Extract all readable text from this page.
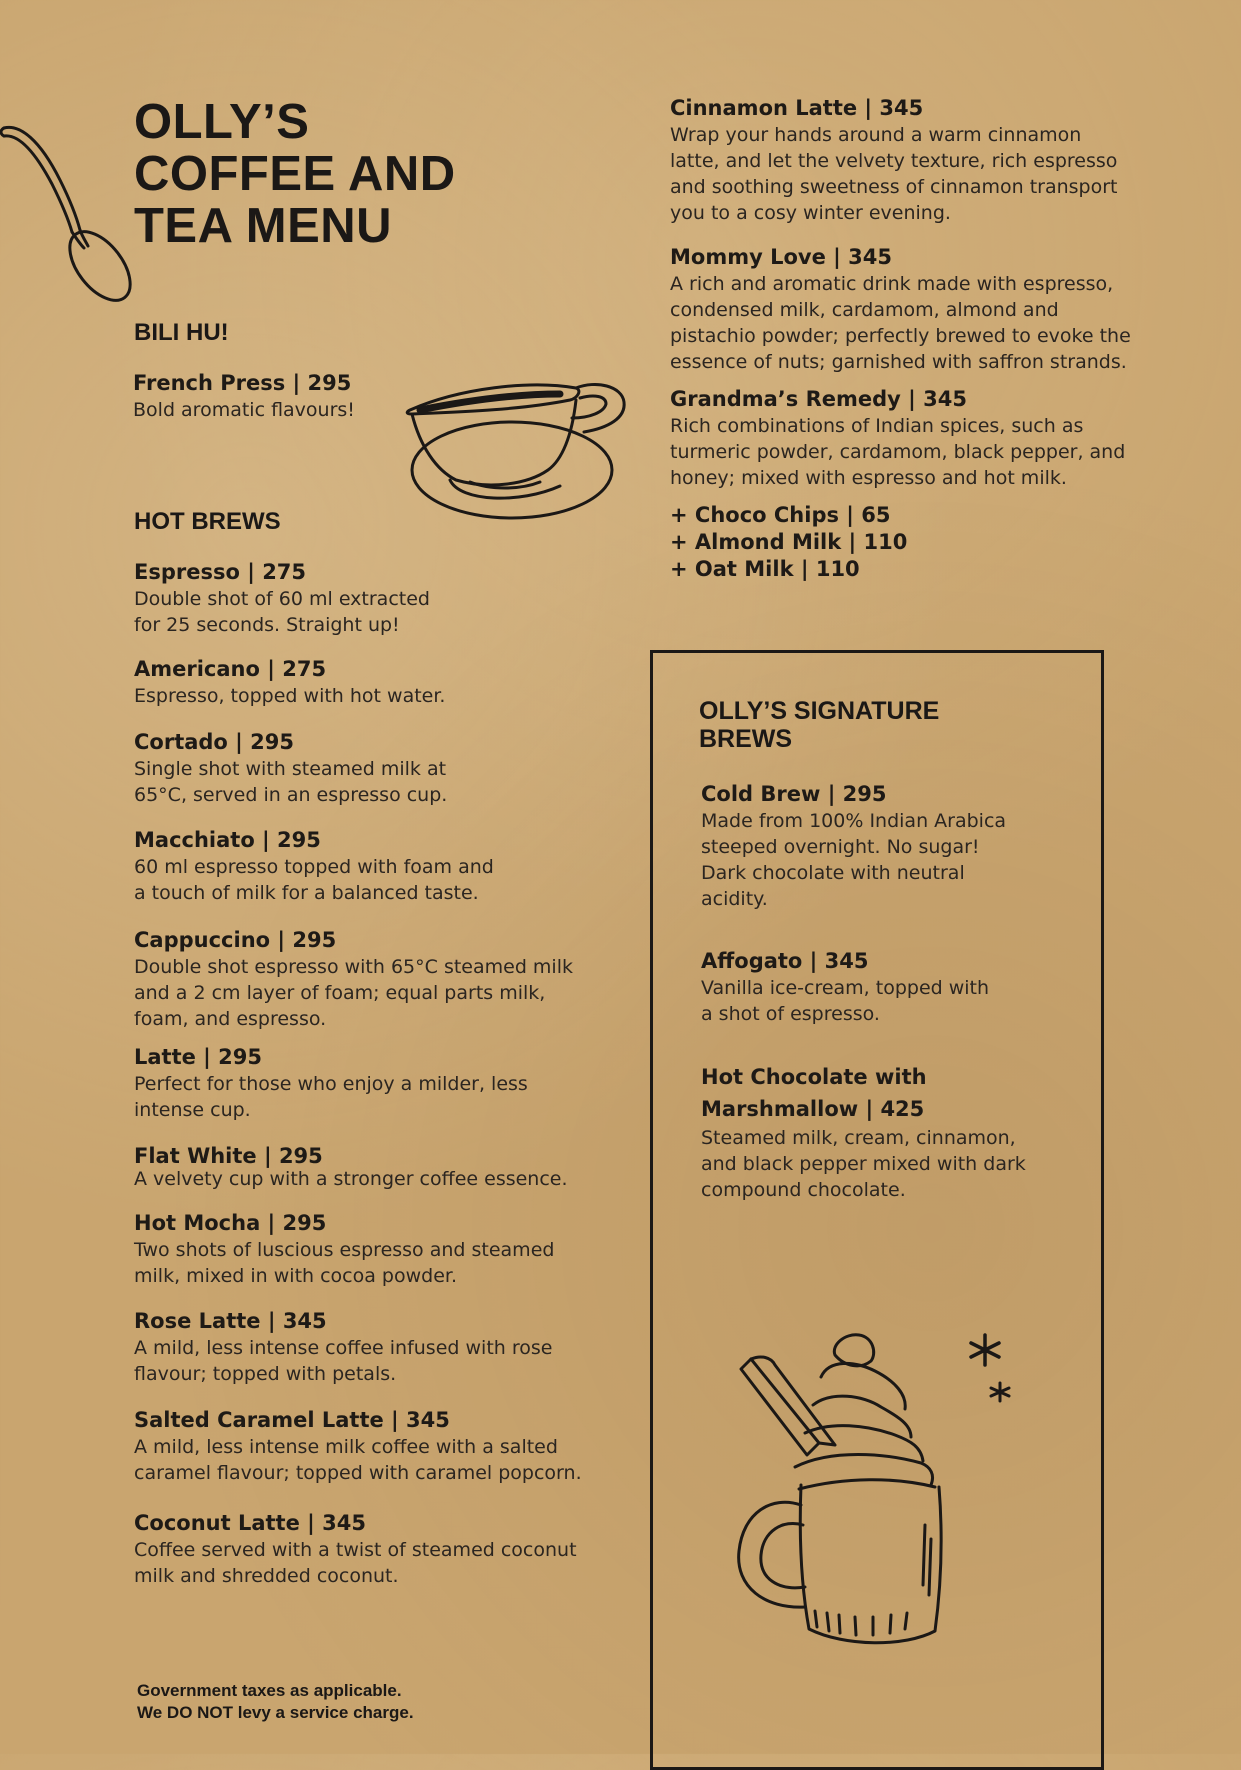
OLLY’S
COFFEE AND
TEA MENU
BILI HU!
French Press | 295
Bold aromatic flavours!
HOT BREWS
Espresso | 275
Double shot of 60 ml extracted
for 25 seconds. Straight up!
Americano | 275
Espresso, topped with hot water.
Cortado | 295
Single shot with steamed milk at
65°C, served in an espresso cup.
Macchiato | 295
60 ml espresso topped with foam and
a touch of milk for a balanced taste.
Cappuccino | 295
Double shot espresso with 65°C steamed milk
and a 2 cm layer of foam; equal parts milk,
foam, and espresso.
Latte | 295
Perfect for those who enjoy a milder, less
intense cup.
Flat White | 295
A velvety cup with a stronger coffee essence.
Hot Mocha | 295
Two shots of luscious espresso and steamed
milk, mixed in with cocoa powder.
Rose Latte | 345
A mild, less intense coffee infused with rose
flavour; topped with petals.
Salted Caramel Latte | 345
A mild, less intense milk coffee with a salted
caramel flavour; topped with caramel popcorn.
Coconut Latte | 345
Coffee served with a twist of steamed coconut
milk and shredded coconut.
Cinnamon Latte | 345
Wrap your hands around a warm cinnamon
latte, and let the velvety texture, rich espresso
and soothing sweetness of cinnamon transport
you to a cosy winter evening.
Mommy Love | 345
A rich and aromatic drink made with espresso,
condensed milk, cardamom, almond and
pistachio powder; perfectly brewed to evoke the
essence of nuts; garnished with saffron strands.
Grandma’s Remedy | 345
Rich combinations of Indian spices, such as
turmeric powder, cardamom, black pepper, and
honey; mixed with espresso and hot milk.
+ Choco Chips | 65
+ Almond Milk | 110
+ Oat Milk | 110
OLLY’S SIGNATURE
BREWS
Cold Brew | 295
Made from 100% Indian Arabica
steeped overnight. No sugar!
Dark chocolate with neutral
acidity.
Affogato | 345
Vanilla ice-cream, topped with
a shot of espresso.
Hot Chocolate with
Marshmallow | 425
Steamed milk, cream, cinnamon,
and black pepper mixed with dark
compound chocolate.
Government taxes as applicable.
We DO NOT levy a service charge.
